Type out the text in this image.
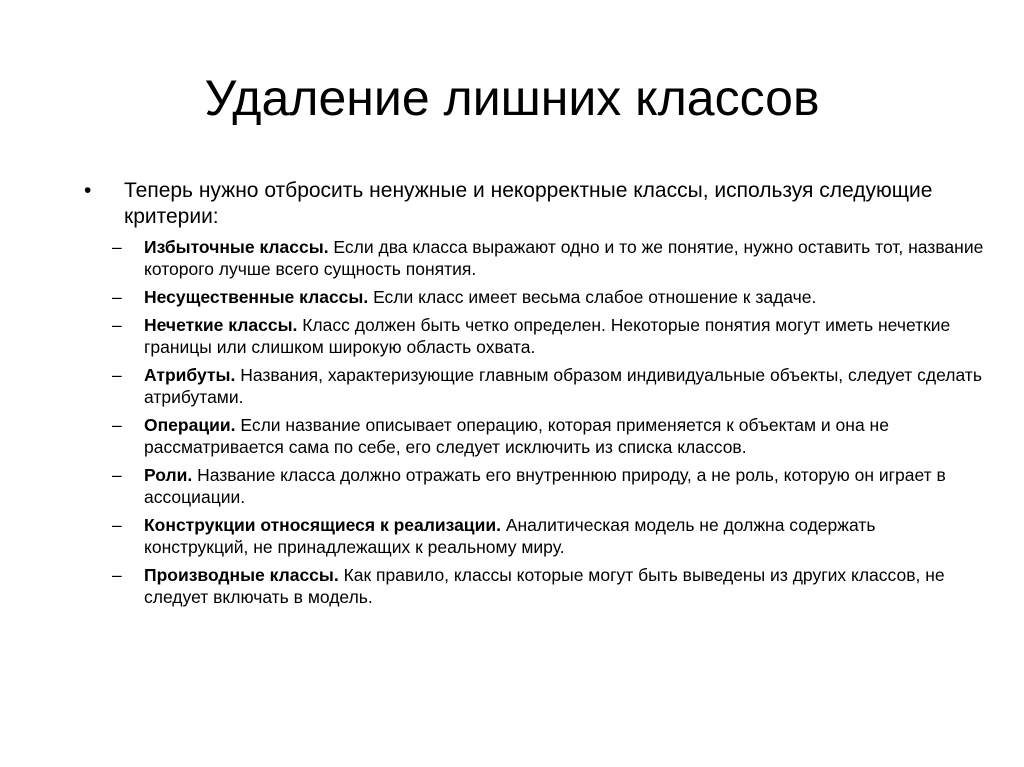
Удаление лишних классов
• Теперь нужно отбросить ненужные и некорректные классы, используя следующие критерии:
– Избыточные классы. Если два класса выражают одно и то же понятие, нужно оставить тот, название которого лучше всего сущность понятия.
– Несущественные классы. Если класс имеет весьма слабое отношение к задаче.
– Нечеткие классы. Класс должен быть четко определен. Некоторые понятия могут иметь нечеткие границы или слишком широкую область охвата.
– Атрибуты. Названия, характеризующие главным образом индивидуальные объекты, следует сделать атрибутами.
– Операции. Если название описывает операцию, которая применяется к объектам и она не рассматривается сама по себе, его следует исключить из списка классов.
– Роли. Название класса должно отражать его внутреннюю природу, а не роль, которую он играет в ассоциации.
– Конструкции относящиеся к реализации. Аналитическая модель не должна содержать конструкций, не принадлежащих к реальному миру.
– Производные классы. Как правило, классы которые могут быть выведены из других классов, не следует включать в модель.
